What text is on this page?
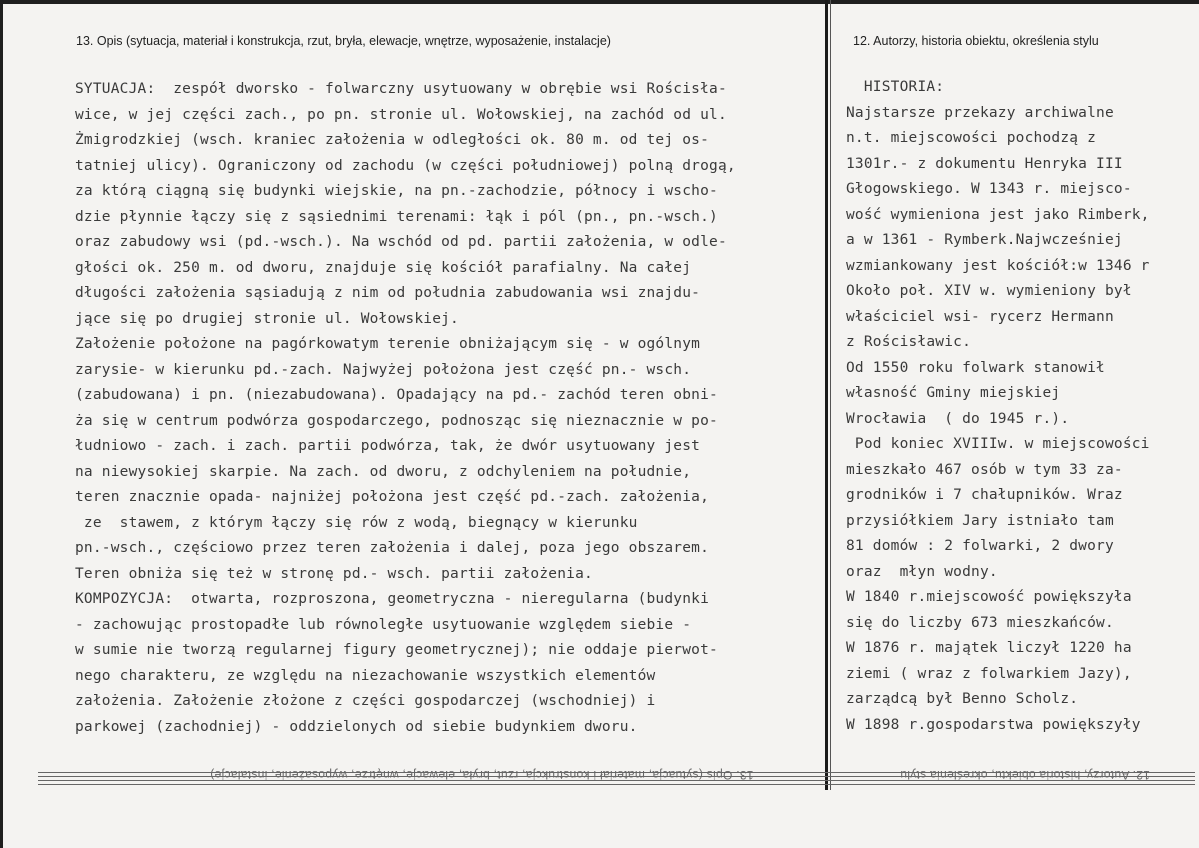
13. Opis (sytuacja, materiał i konstrukcja, rzut, bryła, elewacje, wnętrze, wyposażenie, instalacje)	12. Autorzy, historia obiektu, określenia stylu
SYTUACJA:  zespół dworsko - folwarczny usytuowany w obrębie wsi Rościsła-
wice, w jej części zach., po pn. stronie ul. Wołowskiej, na zachód od ul.
Żmigrodzkiej (wsch. kraniec założenia w odległości ok. 80 m. od tej os-
tatniej ulicy). Ograniczony od zachodu (w części południowej) polną drogą,
za którą ciągną się budynki wiejskie, na pn.-zachodzie, północy i wscho-
dzie płynnie łączy się z sąsiednimi terenami: łąk i pól (pn., pn.-wsch.)
oraz zabudowy wsi (pd.-wsch.). Na wschód od pd. partii założenia, w odle-
głości ok. 250 m. od dworu, znajduje się kościół parafialny. Na całej
długości założenia sąsiadują z nim od południa zabudowania wsi znajdu-
jące się po drugiej stronie ul. Wołowskiej.
Założenie położone na pagórkowatym terenie obniżającym się - w ogólnym
zarysie- w kierunku pd.-zach. Najwyżej położona jest część pn.- wsch.
(zabudowana) i pn. (niezabudowana). Opadający na pd.- zachód teren obni-
ża się w centrum podwórza gospodarczego, podnosząc się nieznacznie w po-
łudniowo - zach. i zach. partii podwórza, tak, że dwór usytuowany jest
na niewysokiej skarpie. Na zach. od dworu, z odchyleniem na południe,
teren znacznie opada- najniżej położona jest część pd.-zach. założenia,
ze  stawem, z którym łączy się rów z wodą, biegnący w kierunku
pn.-wsch., częściowo przez teren założenia i dalej, poza jego obszarem.
Teren obniża się też w stronę pd.- wsch. partii założenia.
KOMPOZYCJA:  otwarta, rozproszona, geometryczna - nieregularna (budynki
- zachowując prostopadłe lub równoległe usytuowanie względem siebie -
w sumie nie tworzą regularnej figury geometrycznej); nie oddaje pierwot-
nego charakteru, ze względu na niezachowanie wszystkich elementów
założenia. Założenie złożone z części gospodarczej (wschodniej) i
parkowej (zachodniej) - oddzielonych od siebie budynkiem dworu.
HISTORIA:
Najstarsze przekazy archiwalne
n.t. miejscowości pochodzą z
1301r.- z dokumentu Henryka III
Głogowskiego. W 1343 r. miejsco-
wość wymieniona jest jako Rimberk,
a w 1361 - Rymberk.Najwcześniej
wzmiankowany jest kościół:w 1346 r
Około poł. XIV w. wymieniony był
właściciel wsi- rycerz Hermann
z Rościsławic.
Od 1550 roku folwark stanowił
własność Gminy miejskiej
Wrocławia  ( do 1945 r.).
Pod koniec XVIIIw. w miejscowości
mieszkało 467 osób w tym 33 za-
grodników i 7 chałupników. Wraz
przysiółkiem Jary istniało tam
81 domów : 2 folwarki, 2 dwory
oraz  młyn wodny.
W 1840 r.miejscowość powiększyła
się do liczby 673 mieszkańców.
W 1876 r. majątek liczył 1220 ha
ziemi ( wraz z folwarkiem Jazy),
zarządcą był Benno Scholz.
W 1898 r.gospodarstwa powiększyły
13. Opis (sytuacja, materiał i konstrukcja, rzut, bryła, elewacje, wnętrze, wyposażenie, instalacje)	12. Autorzy, historia obiektu, określenia stylu
